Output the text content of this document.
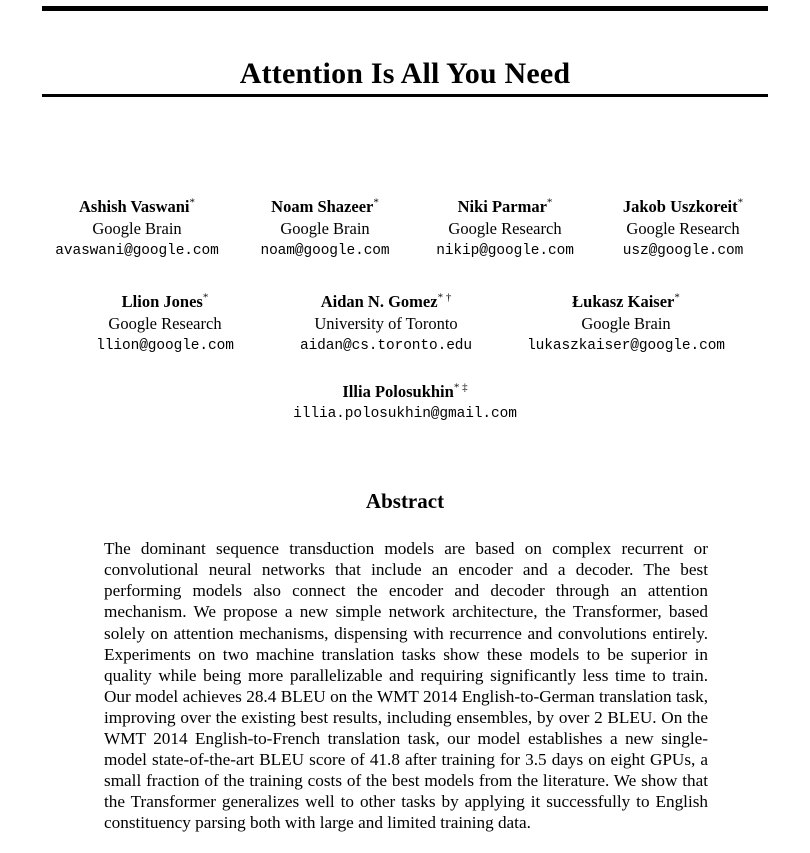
Attention Is All You Need
Ashish Vaswani*
Google Brain
avaswani@google.com
Noam Shazeer*
Google Brain
noam@google.com
Niki Parmar*
Google Research
nikip@google.com
Jakob Uszkoreit*
Google Research
usz@google.com
Llion Jones*
Google Research
llion@google.com
Aidan N. Gomez* †
University of Toronto
aidan@cs.toronto.edu
Łukasz Kaiser*
Google Brain
lukaszkaiser@google.com
Illia Polosukhin* ‡
illia.polosukhin@gmail.com
Abstract

The dominant sequence transduction models are based on complex recurrent or convolutional neural networks that include an encoder and a decoder. The best performing models also connect the encoder and decoder through an attention mechanism. We propose a new simple network architecture, the Transformer, based solely on attention mechanisms, dispensing with recurrence and convolutions entirely. Experiments on two machine translation tasks show these models to be superior in quality while being more parallelizable and requiring significantly less time to train. Our model achieves 28.4 BLEU on the WMT 2014 English-to-German translation task, improving over the existing best results, including ensembles, by over 2 BLEU. On the WMT 2014 English-to-French translation task, our model establishes a new single-model state-of-the-art BLEU score of 41.8 after training for 3.5 days on eight GPUs, a small fraction of the training costs of the best models from the literature. We show that the Transformer generalizes well to other tasks by applying it successfully to English constituency parsing both with large and limited training data.
